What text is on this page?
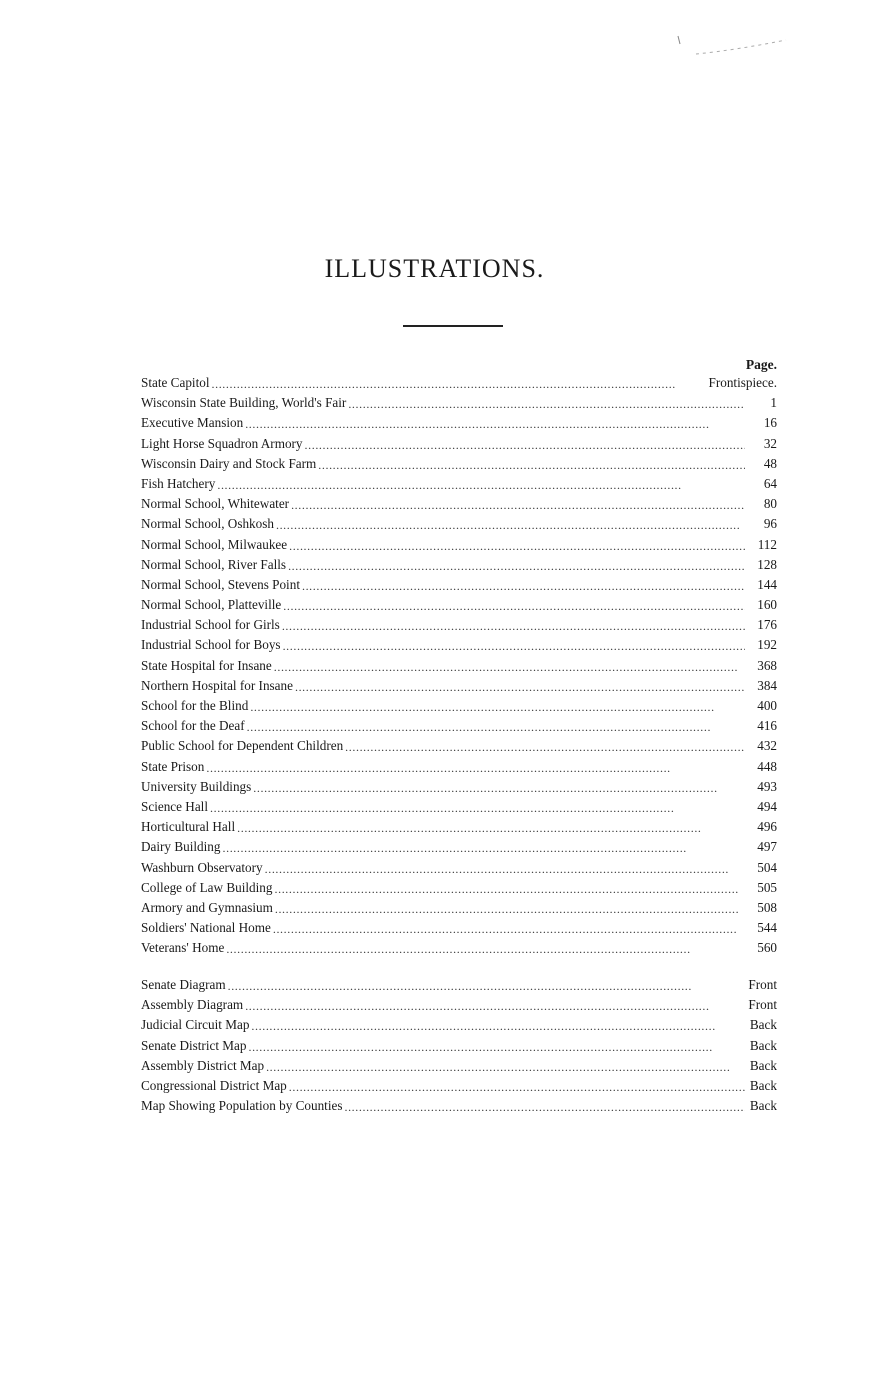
ILLUSTRATIONS.
Page.
State Capitol . . .	Frontispiece.
Wisconsin State Building, World's Fair . . .	1
Executive Mansion . . .	16
Light Horse Squadron Armory . . .	32
Wisconsin Dairy and Stock Farm . . .	48
Fish Hatchery . . .	64
Normal School, Whitewater . . .	80
Normal School, Oshkosh . . .	96
Normal School, Milwaukee . . .	112
Normal School, River Falls . . .	128
Normal School, Stevens Point . . .	144
Normal School, Platteville . . .	160
Industrial School for Girls . . .	176
Industrial School for Boys . . .	192
State Hospital for Insane . . .	368
Northern Hospital for Insane . . .	384
School for the Blind . . .	400
School for the Deaf . . .	416
Public School for Dependent Children . . .	432
State Prison . . .	448
University Buildings . . .	493
Science Hall . . .	494
Horticultural Hall . . .	496
Dairy Building . . .	497
Washburn Observatory . . .	504
College of Law Building . . .	505
Armory and Gymnasium . . .	508
Soldiers' National Home . . .	544
Veterans' Home . . .	560
Senate Diagram . . .	Front
Assembly Diagram . . .	Front
Judicial Circuit Map . . .	Back
Senate District Map . . .	Back
Assembly District Map . . .	Back
Congressional District Map . . .	Back
Map Showing Population by Counties . . .	Back
